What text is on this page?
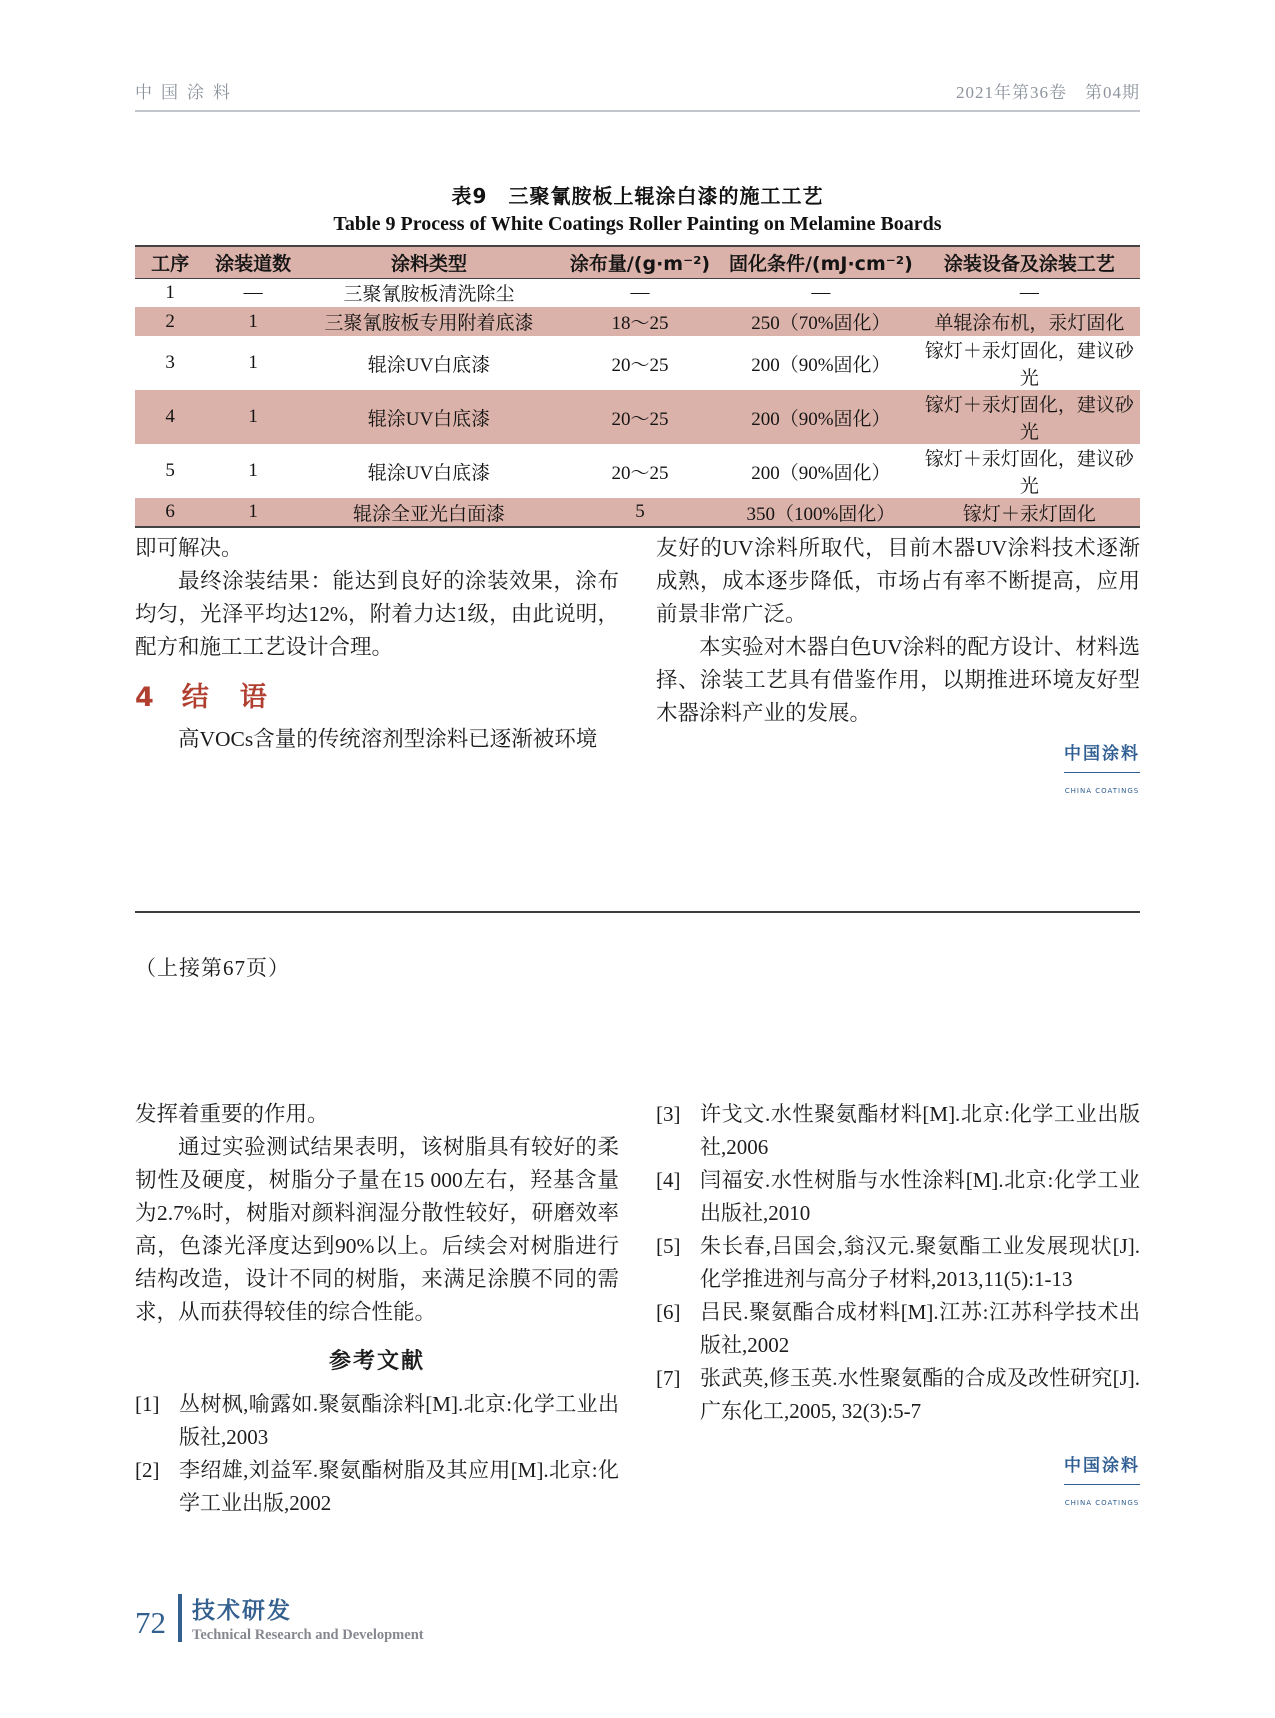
中国涂料	2021年第36卷　第04期
表9　三聚氰胺板上辊涂白漆的施工工艺
Table 9 Process of White Coatings Roller Painting on Melamine Boards
工序	涂装道数	涂料类型	涂布量/(g·m⁻²)	固化条件/(mJ·cm⁻²)	涂装设备及涂装工艺
1	—	三聚氰胺板清洗除尘	—	—	—
2	1	三聚氰胺板专用附着底漆	18～25	250（70%固化）	单辊涂布机，汞灯固化
3	1	辊涂UV白底漆	20～25	200（90%固化）	镓灯＋汞灯固化，建议砂光
4	1	辊涂UV白底漆	20～25	200（90%固化）	镓灯＋汞灯固化，建议砂光
5	1	辊涂UV白底漆	20～25	200（90%固化）	镓灯＋汞灯固化，建议砂光
6	1	辊涂全亚光白面漆	5	350（100%固化）	镓灯＋汞灯固化

即可解决。

最终涂装结果：能达到良好的涂装效果，涂布均匀，光泽平均达12%，附着力达1级，由此说明，配方和施工工艺设计合理。

4 结　语

高VOCs含量的传统溶剂型涂料已逐渐被环境

友好的UV涂料所取代，目前木器UV涂料技术逐渐成熟，成本逐步降低，市场占有率不断提高，应用前景非常广泛。

本实验对木器白色UV涂料的配方设计、材料选择、涂装工艺具有借鉴作用，以期推进环境友好型木器涂料产业的发展。

中国涂料
CHINA COATINGS
（上接第67页）

发挥着重要的作用。

通过实验测试结果表明，该树脂具有较好的柔韧性及硬度，树脂分子量在15 000左右，羟基含量为2.7%时，树脂对颜料润湿分散性较好，研磨效率高，色漆光泽度达到90%以上。后续会对树脂进行结构改造，设计不同的树脂，来满足涂膜不同的需求，从而获得较佳的综合性能。

参考文献
[1] 丛树枫,喻露如.聚氨酯涂料[M].北京:化学工业出版社,2003
[2] 李绍雄,刘益军.聚氨酯树脂及其应用[M].北京:化学工业出版,2002
[3] 许戈文.水性聚氨酯材料[M].北京:化学工业出版社,2006
[4] 闫福安.水性树脂与水性涂料[M].北京:化学工业出版社,2010
[5] 朱长春,吕国会,翁汉元.聚氨酯工业发展现状[J].化学推进剂与高分子材料,2013,11(5):1-13
[6] 吕民.聚氨酯合成材料[M].江苏:江苏科学技术出版社,2002
[7] 张武英,修玉英.水性聚氨酯的合成及改性研究[J].广东化工,2005, 32(3):5-7
中国涂料
CHINA COATINGS
72 技术研发
Technical Research and Development
